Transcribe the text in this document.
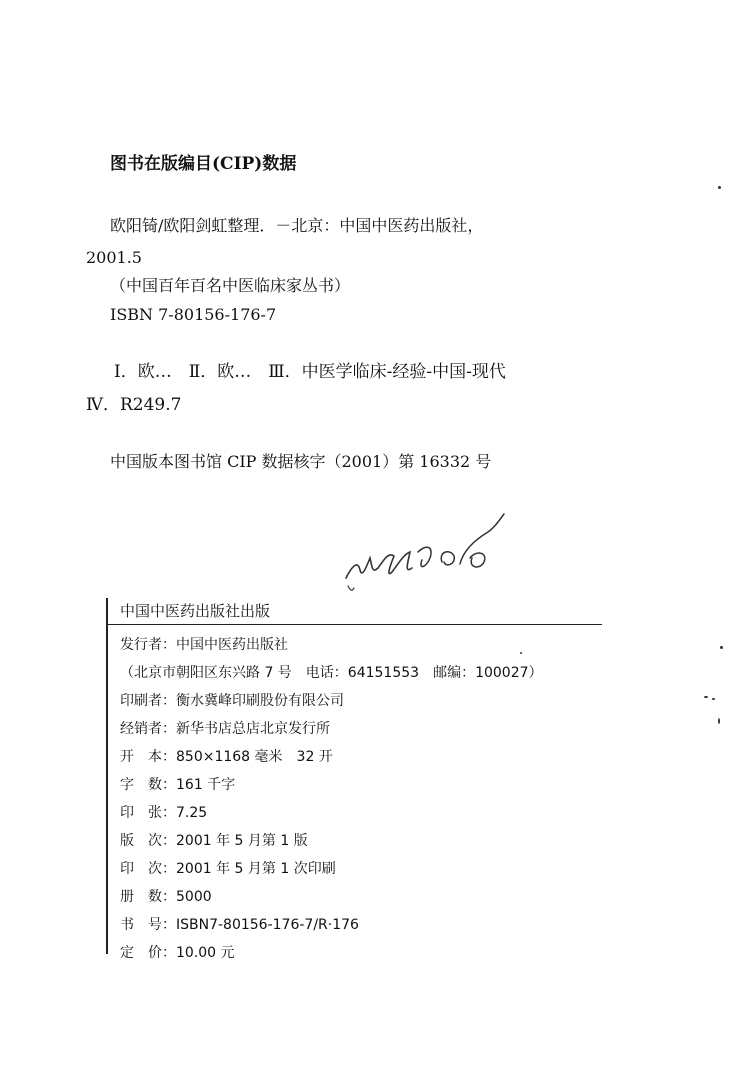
图书在版编目(CIP)数据
欧阳锜/欧阳剑虹整理．－北京：中国中医药出版社，
2001.5
（中国百年百名中医临床家丛书）
ISBN 7-80156-176-7
Ⅰ．欧…　Ⅱ．欧…　Ⅲ．中医学临床-经验-中国-现代
Ⅳ．R249.7
中国版本图书馆 CIP 数据核字（2001）第 16332 号
中国中医药出版社出版
发行者：中国中医药出版社
（北京市朝阳区东兴路 7 号　电话：64151553　邮编：100027）
印刷者：衡水冀峰印刷股份有限公司
经销者：新华书店总店北京发行所
开　本：850×1168 毫米　32 开
字　数：161 千字
印　张：7.25
版　次：2001 年 5 月第 1 版
印　次：2001 年 5 月第 1 次印刷
册　数：5000
书　号：ISBN7-80156-176-7/R·176
定　价：10.00 元
